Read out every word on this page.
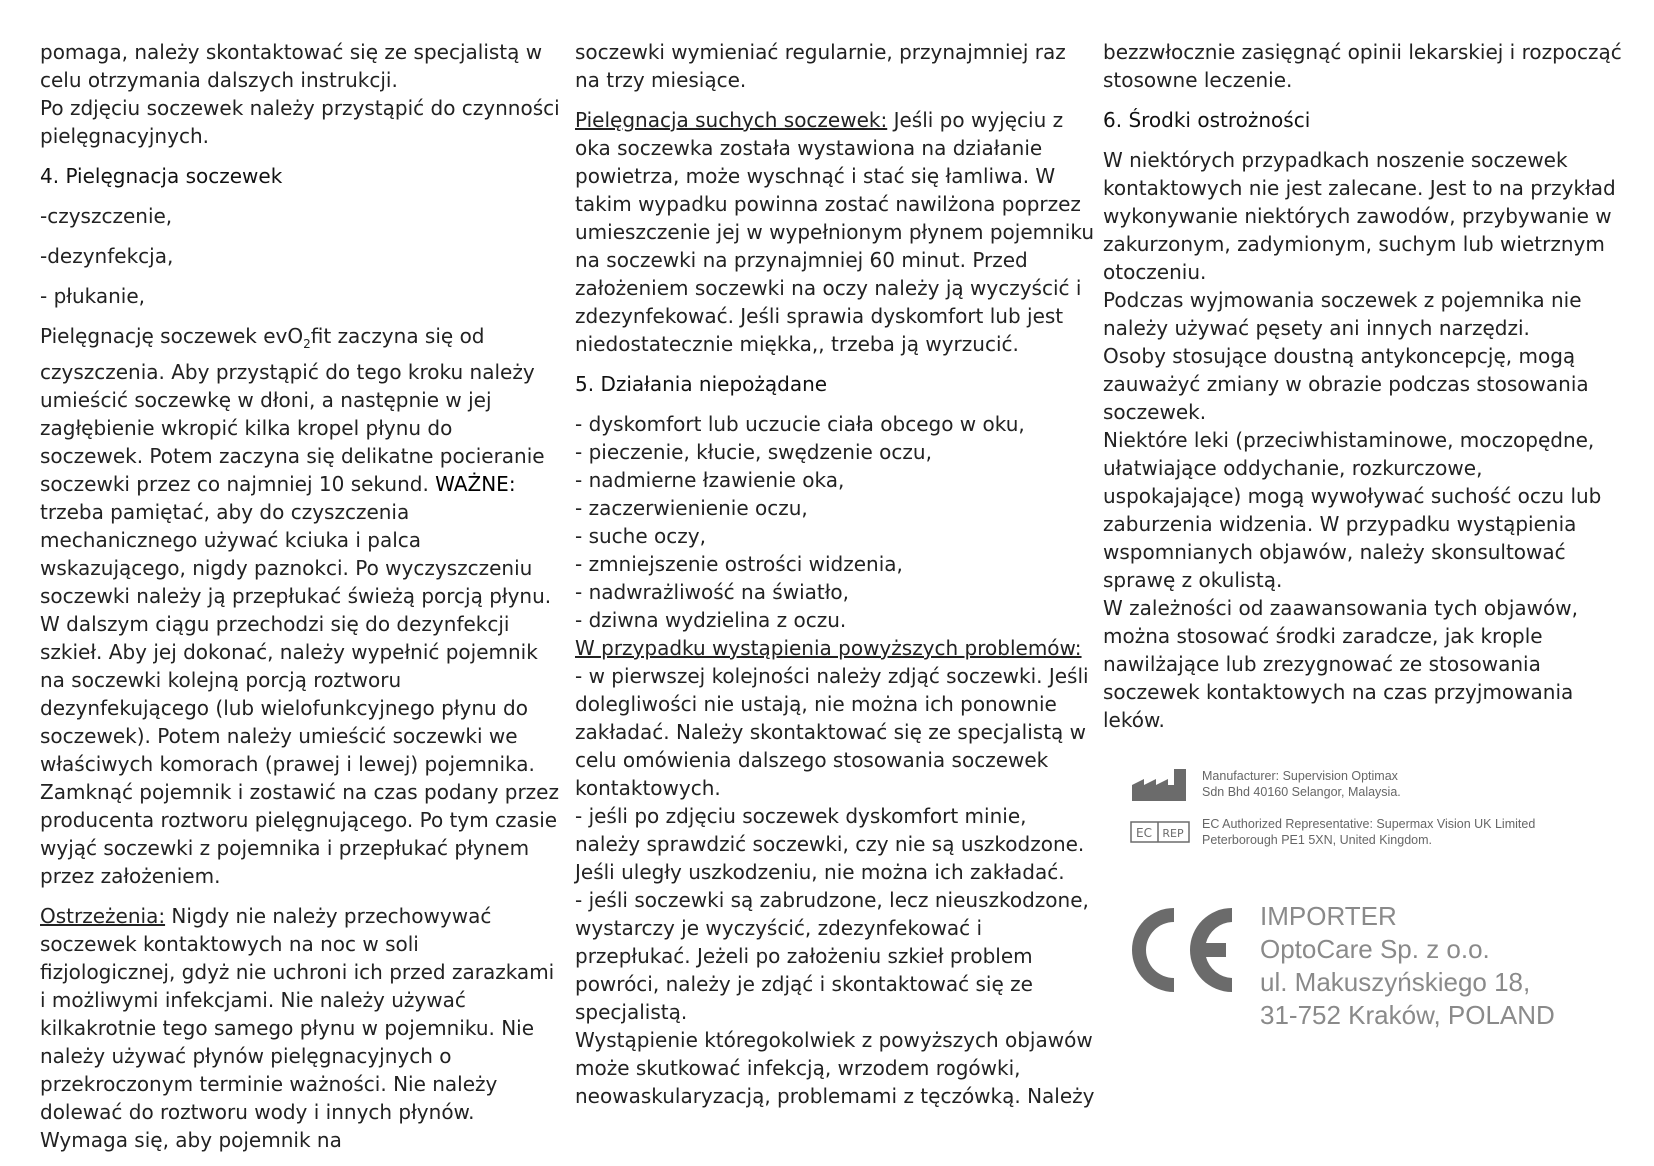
pomaga, należy skontaktować się ze specjalistą w celu otrzymania dalszych instrukcji.

Po zdjęciu soczewek należy przystąpić do czynności pielęgnacyjnych.

4. Pielęgnacja soczewek

-czyszczenie,

-dezynfekcja,

- płukanie,

Pielęgnację soczewek evO$_2$fit zaczyna się od czyszczenia. Aby przystąpić do tego kroku należy umieścić soczewkę w dłoni, a następnie w jej zagłębienie wkropić kilka kropel płynu do soczewek. Potem zaczyna się delikatne pocieranie soczewki przez co najmniej 10 sekund. WAŻNE: trzeba pamiętać, aby do czyszczenia mechanicznego używać kciuka i palca wskazującego, nigdy paznokci. Po wyczyszczeniu soczewki należy ją przepłukać świeżą porcją płynu. W dalszym ciągu przechodzi się do dezynfekcji szkieł. Aby jej dokonać, należy wypełnić pojemnik na soczewki kolejną porcją roztworu dezynfekującego (lub wielofunkcyjnego płynu do soczewek). Potem należy umieścić soczewki we właściwych komorach (prawej i lewej) pojemnika. Zamknąć pojemnik i zostawić na czas podany przez producenta roztworu pielęgnującego. Po tym czasie wyjąć soczewki z pojemnika i przepłukać płynem przez założeniem.

Ostrzeżenia: Nigdy nie należy przechowywać soczewek kontaktowych na noc w soli fizjologicznej, gdyż nie uchroni ich przed zarazkami i możliwymi infekcjami. Nie należy używać kilkakrotnie tego samego płynu w pojemniku. Nie należy używać płynów pielęgnacyjnych o przekroczonym terminie ważności. Nie należy dolewać do roztworu wody i innych płynów. Wymaga się, aby pojemnik na

soczewki wymieniać regularnie, przynajmniej raz na trzy miesiące.

Pielęgnacja suchych soczewek: Jeśli po wyjęciu z oka soczewka została wystawiona na działanie powietrza, może wyschnąć i stać się łamliwa. W takim wypadku powinna zostać nawilżona poprzez umieszczenie jej w wypełnionym płynem pojemniku na soczewki na przynajmniej 60 minut. Przed założeniem soczewki na oczy należy ją wyczyścić i zdezynfekować. Jeśli sprawia dyskomfort lub jest niedostatecznie miękka,, trzeba ją wyrzucić.

5. Działania niepożądane

- dyskomfort lub uczucie ciała obcego w oku,

- pieczenie, kłucie, swędzenie oczu,

- nadmierne łzawienie oka,

- zaczerwienienie oczu,

- suche oczy,

- zmniejszenie ostrości widzenia,

- nadwrażliwość na światło,

- dziwna wydzielina z oczu.

W przypadku wystąpienia powyższych problemów:

- w pierwszej kolejności należy zdjąć soczewki. Jeśli dolegliwości nie ustają, nie można ich ponownie zakładać. Należy skontaktować się ze specjalistą w celu omówienia dalszego stosowania soczewek kontaktowych.

- jeśli po zdjęciu soczewek dyskomfort minie, należy sprawdzić soczewki, czy nie są uszkodzone. Jeśli uległy uszkodzeniu, nie można ich zakładać.

- jeśli soczewki są zabrudzone, lecz nieuszkodzone, wystarczy je wyczyścić, zdezynfekować i przepłukać. Jeżeli po założeniu szkieł problem powróci, należy je zdjąć i skontaktować się ze specjalistą.

Wystąpienie któregokolwiek z powyższych objawów może skutkować infekcją, wrzodem rogówki, neowaskularyzacją, problemami z tęczówką. Należy

bezzwłocznie zasięgnąć opinii lekarskiej i rozpocząć stosowne leczenie.

6. Środki ostrożności

W niektórych przypadkach noszenie soczewek kontaktowych nie jest zalecane. Jest to na przykład wykonywanie niektórych zawodów, przybywanie w zakurzonym, zadymionym, suchym lub wietrznym otoczeniu.

Podczas wyjmowania soczewek z pojemnika nie należy używać pęsety ani innych narzędzi.

Osoby stosujące doustną antykoncepcję, mogą zauważyć zmiany w obrazie podczas stosowania soczewek.

Niektóre leki (przeciwhistaminowe, moczopędne, ułatwiające oddychanie, rozkurczowe, uspokajające) mogą wywoływać suchość oczu lub zaburzenia widzenia. W przypadku wystąpienia wspomnianych objawów, należy skonsultować sprawę z okulistą.

W zależności od zaawansowania tych objawów, można stosować środki zaradcze, jak krople nawilżające lub zrezygnować ze stosowania soczewek kontaktowych na czas przyjmowania leków.

Manufacturer: Supervision Optimax
Sdn Bhd 40160 Selangor, Malaysia.
EC REP
EC Authorized Representative: Supermax Vision UK Limited
Peterborough PE1 5XN, United Kingdom.
IMPORTER
OptoCare Sp. z o.o.
ul. Makuszyńskiego 18,
31-752 Kraków, POLAND
